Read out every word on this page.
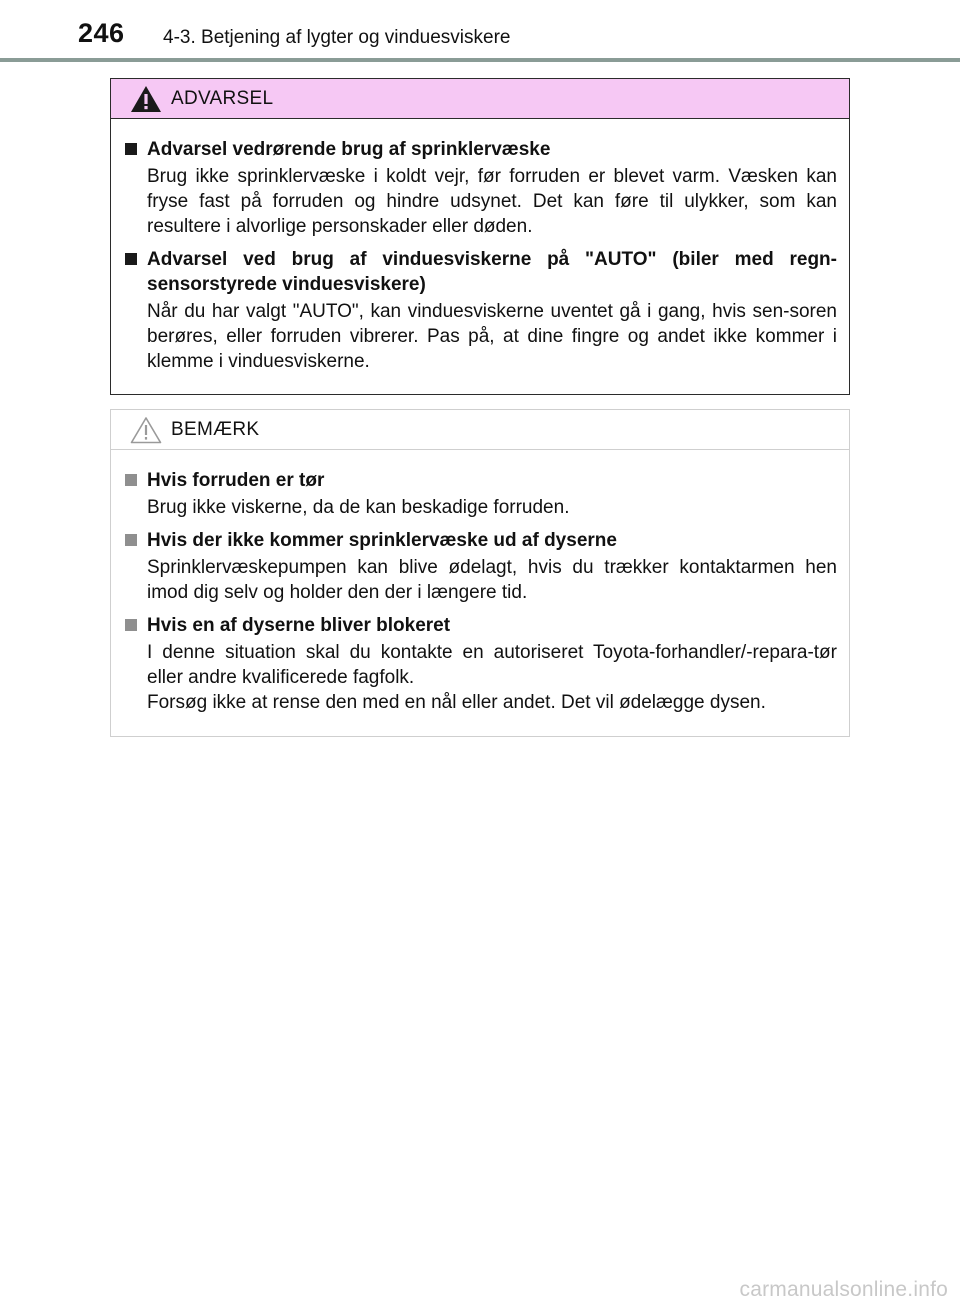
246 4-3. Betjening af lygter og vinduesviskere
ADVARSEL
Advarsel vedrørende brug af sprinklervæske
Brug ikke sprinklervæske i koldt vejr, før forruden er blevet varm. Væsken kan fryse fast på forruden og hindre udsynet. Det kan føre til ulykker, som kan resultere i alvorlige personskader eller døden.
Advarsel ved brug af vinduesviskerne på "AUTO" (biler med regn-sensorstyrede vinduesviskere)
Når du har valgt "AUTO", kan vinduesviskerne uventet gå i gang, hvis sen-soren berøres, eller forruden vibrerer. Pas på, at dine fingre og andet ikke kommer i klemme i vinduesviskerne.
BEMÆRK
Hvis forruden er tør
Brug ikke viskerne, da de kan beskadige forruden.
Hvis der ikke kommer sprinklervæske ud af dyserne
Sprinklervæskepumpen kan blive ødelagt, hvis du trækker kontaktarmen hen imod dig selv og holder den der i længere tid.
Hvis en af dyserne bliver blokeret
I denne situation skal du kontakte en autoriseret Toyota-forhandler/-repara-tør eller andre kvalificerede fagfolk.
Forsøg ikke at rense den med en nål eller andet. Det vil ødelægge dysen.
carmanualsonline.info
